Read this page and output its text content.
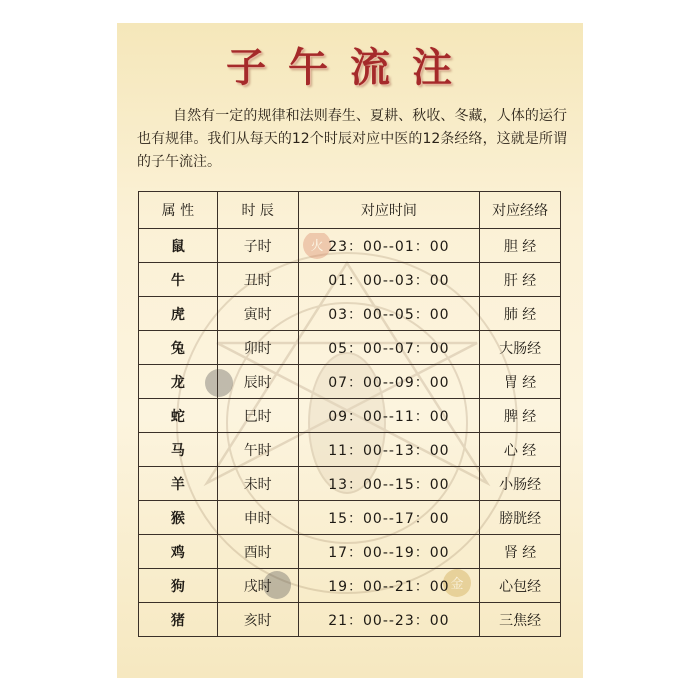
火
金
子午流注
自然有一定的规律和法则春生、夏耕、秋收、冬藏，人体的运行也有规律。我们从每天的12个时辰对应中医的12条经络，这就是所谓的子午流注。
属 性	时 辰	对应时间	对应经络
鼠	子时	23：00--01：00	胆 经
牛	丑时	01：00--03：00	肝 经
虎	寅时	03：00--05：00	肺 经
兔	卯时	05：00--07：00	大肠经
龙	辰时	07：00--09：00	胃 经
蛇	巳时	09：00--11：00	脾 经
马	午时	11：00--13：00	心 经
羊	未时	13：00--15：00	小肠经
猴	申时	15：00--17：00	膀胱经
鸡	酉时	17：00--19：00	肾 经
狗	戌时	19：00--21：00	心包经
猪	亥时	21：00--23：00	三焦经
